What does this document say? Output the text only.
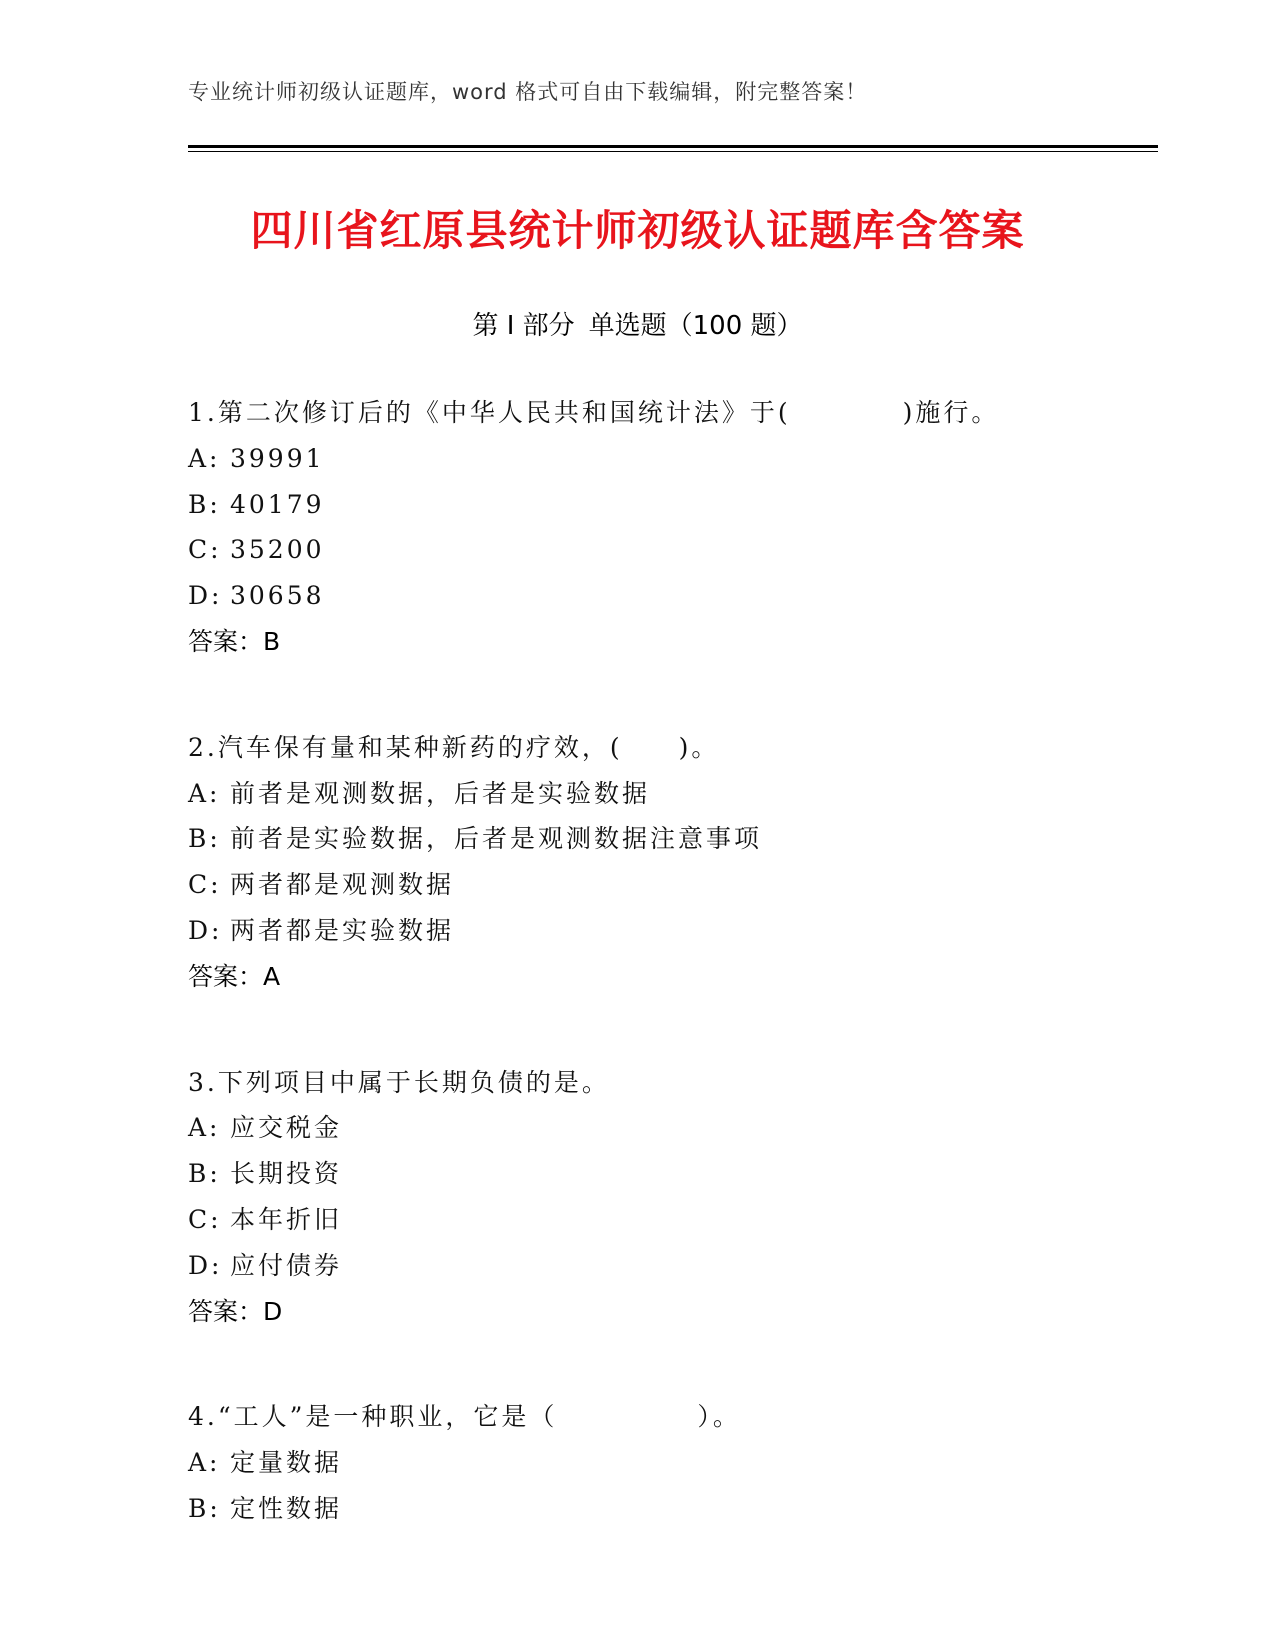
专业统计师初级认证题库，word 格式可自由下载编辑，附完整答案！
四川省红原县统计师初级认证题库含答案
第 I 部分 单选题（100 题）
1.第二次修订后的《中华人民共和国统计法》于(　　　　)施行。
A: 39991
B: 40179
C: 35200
D: 30658
答案：B
2.汽车保有量和某种新药的疗效，(　　)。
A: 前者是观测数据，后者是实验数据
B: 前者是实验数据，后者是观测数据注意事项
C: 两者都是观测数据
D: 两者都是实验数据
答案：A
3.下列项目中属于长期负债的是。
A: 应交税金
B: 长期投资
C: 本年折旧
D: 应付债券
答案：D
4.“工人”是一种职业，它是（　　　　　）。
A: 定量数据
B: 定性数据
